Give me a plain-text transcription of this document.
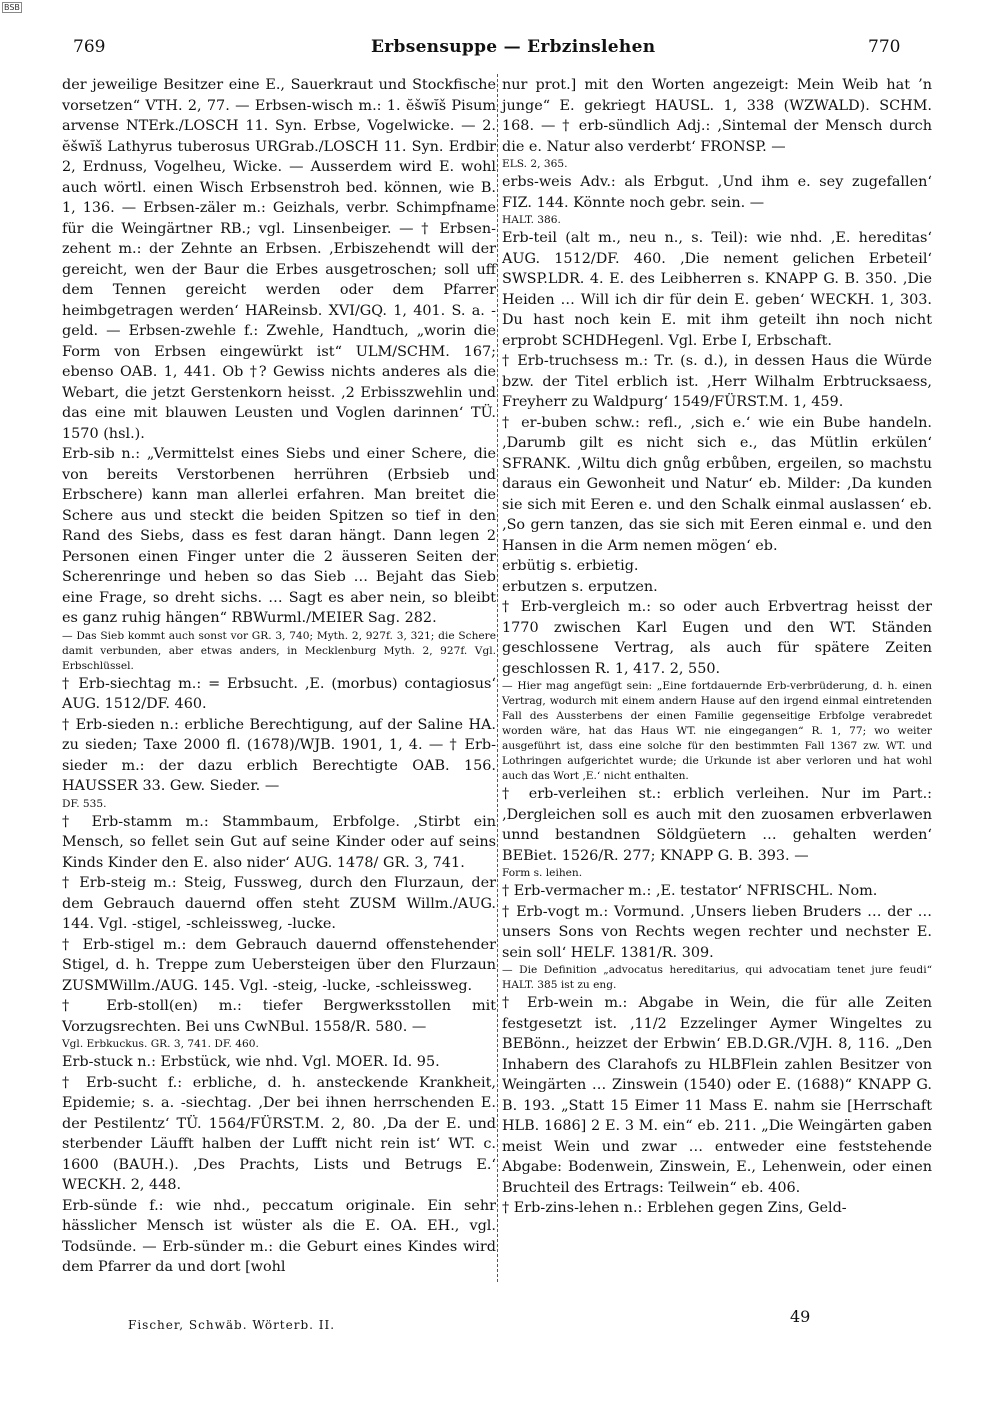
BSB
769	Erbsensuppe — Erbzinslehen	770

der jeweilige Besitzer eine E., Sauerkraut und Stockfische vorsetzen“ VTH. 2, 77. — Erbsen-wisch m.: 1. ĕšwĭš Pisum arvense NTErk./LOSCH 11. Syn. Erbse, Vogelwicke. — 2. ĕšwĭš Lathyrus tuberosus URGrab./LOSCH 11. Syn. Erdbir 2, Erdnuss, Vogelheu, Wicke. — Ausserdem wird E. wohl auch wörtl. einen Wisch Erbsenstroh bed. können, wie B. 1, 136. — Erbsen-zäler m.: Geizhals, verbr. Schimpfname für die Weingärtner RB.; vgl. Linsenbeiger. — † Erbsen-zehent m.: der Zehnte an Erbsen. ‚Erbiszehendt will der gereicht, wen der Baur die Erbes ausgetroschen; soll uff dem Tennen gereicht werden oder dem Pfarrer heimbgetragen werden‘ HAReinsb. XVI/GQ. 1, 401. S. a. -geld. — Erbsen-zwehle f.: Zwehle, Handtuch, „worin die Form von Erbsen eingewürkt ist“ ULM/SCHM. 167; ebenso OAB. 1, 441. Ob †? Gewiss nichts anderes als die Webart, die jetzt Gerstenkorn heisst. ‚2 Erbisszwehlin und das eine mit blauwen Leusten und Voglen darinnen‘ TÜ. 1570 (hsl.).

Erb-sib n.: „Vermittelst eines Siebs und einer Schere, die von bereits Verstorbenen herrühren (Erbsieb und Erbschere) kann man allerlei erfahren. Man breitet die Schere aus und steckt die beiden Spitzen so tief in den Rand des Siebs, dass es fest daran hängt. Dann legen 2 Personen einen Finger unter die 2 äusseren Seiten der Scherenringe und heben so das Sieb … Bejaht das Sieb eine Frage, so dreht sichs. … Sagt es aber nein, so bleibt es ganz ruhig hängen“ RBWurml./MEIER Sag. 282.

— Das Sieb kommt auch sonst vor GR. 3, 740; Myth. 2, 927f. 3, 321; die Schere damit verbunden, aber etwas anders, in Mecklenburg Myth. 2, 927f. Vgl. Erbschlüssel.

† Erb-siechtag m.: = Erbsucht. ‚E. (morbus) contagiosus‘ AUG. 1512/DF. 460.

† Erb-sieden n.: erbliche Berechtigung, auf der Saline HA. zu sieden; Taxe 2000 fl. (1678)/WJB. 1901, 1, 4. — † Erb-sieder m.: der dazu erblich Berechtigte OAB. 156. HAUSSER 33. Gew. Sieder. —

DF. 535.

† Erb-stamm m.: Stammbaum, Erbfolge. ‚Stirbt ein Mensch, so fellet sein Gut auf seine Kinder oder auf seins Kinds Kinder den E. also nider‘ AUG. 1478/ GR. 3, 741.

† Erb-steig m.: Steig, Fussweg, durch den Flurzaun, der dem Gebrauch dauernd offen steht ZUSM Willm./AUG. 144. Vgl. -stigel, -schleissweg, -lucke.

† Erb-stigel m.: dem Gebrauch dauernd offenstehender Stigel, d. h. Treppe zum Uebersteigen über den Flurzaun ZUSMWillm./AUG. 145. Vgl. -steig, -lucke, -schleissweg.

† Erb-stoll(en) m.: tiefer Bergwerksstollen mit Vorzugsrechten. Bei uns CwNBul. 1558/R. 580. —

Vgl. Erbkuckus. GR. 3, 741. DF. 460.

Erb-stuck n.: Erbstück, wie nhd. Vgl. MOER. Id. 95.

† Erb-sucht f.: erbliche, d. h. ansteckende Krankheit, Epidemie; s. a. -siechtag. ‚Der bei ihnen herrschenden E. der Pestilentz‘ TÜ. 1564/FÜRST.M. 2, 80. ‚Da der E. und sterbender Läufft halben der Lufft nicht rein ist‘ WT. c. 1600 (BAUH.). ‚Des Prachts, Lists und Betrugs E.‘ WECKH. 2, 448.

Erb-sünde f.: wie nhd., peccatum originale. Ein sehr hässlicher Mensch ist wüster als die E. OA. EH., vgl. Todsünde. — Erb-sünder m.: die Geburt eines Kindes wird dem Pfarrer da und dort [wohl

nur prot.] mit den Worten angezeigt: Mein Weib hat ’n junge“ E. gekriegt HAUSL. 1, 338 (WZWALD). SCHM. 168. — † erb-sündlich Adj.: ‚Sintemal der Mensch durch die e. Natur also verderbt‘ FRONSP. —

ELS. 2, 365.

erbs-weis Adv.: als Erbgut. ‚Und ihm e. sey zugefallen‘ FIZ. 144. Könnte noch gebr. sein. —

HALT. 386.

Erb-teil (alt m., neu n., s. Teil): wie nhd. ‚E. hereditas‘ AUG. 1512/DF. 460. ‚Die nement gelichen Erbeteil‘ SWSP.LDR. 4. E. des Leibherren s. KNAPP G. B. 350. ‚Die Heiden … Will ich dir für dein E. geben‘ WECKH. 1, 303. Du hast noch kein E. mit ihm geteilt ihn noch nicht erprobt SCHDHegenl. Vgl. Erbe I, Erbschaft.

† Erb-truchsess m.: Tr. (s. d.), in dessen Haus die Würde bzw. der Titel erblich ist. ‚Herr Wilhalm Erbtrucksaess, Freyherr zu Waldpurg‘ 1549/FÜRST.M. 1, 459.

† er-buben schw.: refl., ‚sich e.‘ wie ein Bube handeln. ‚Darumb gilt es nicht sich e., das Mütlin erkülen‘ SFRANK. ‚Wiltu dich gnůg erbůben, ergeilen, so machstu daraus ein Gewonheit und Natur‘ eb. Milder: ‚Da kunden sie sich mit Eeren e. und den Schalk einmal auslassen‘ eb. ‚So gern tanzen, das sie sich mit Eeren einmal e. und den Hansen in die Arm nemen mögen‘ eb.

erbütig s. erbietig.

erbutzen s. erputzen.

† Erb-vergleich m.: so oder auch Erbvertrag heisst der 1770 zwischen Karl Eugen und den WT. Ständen geschlossene Vertrag, als auch für spätere Zeiten geschlossen R. 1, 417. 2, 550.

— Hier mag angefügt sein: „Eine fortdauernde Erb-verbrüderung, d. h. einen Vertrag, wodurch mit einem andern Hause auf den irgend einmal eintretenden Fall des Aussterbens der einen Familie gegenseitige Erbfolge verabredet worden wäre, hat das Haus WT. nie eingegangen“ R. 1, 77; wo weiter ausgeführt ist, dass eine solche für den bestimmten Fall 1367 zw. WT. und Lothringen aufgerichtet wurde; die Urkunde ist aber verloren und hat wohl auch das Wort ‚E.‘ nicht enthalten.

† erb-verleihen st.: erblich verleihen. Nur im Part.: ‚Dergleichen soll es auch mit den zuosamen erbverlawen unnd bestandnen Söldgüetern … gehalten werden‘ BEBiet. 1526/R. 277; KNAPP G. B. 393. —

Form s. leihen.

† Erb-vermacher m.: ‚E. testator‘ NFRISCHL. Nom.

† Erb-vogt m.: Vormund. ‚Unsers lieben Bruders … der … unsers Sons von Rechts wegen rechter und nechster E. sein soll‘ HELF. 1381/R. 309.

— Die Definition „advocatus hereditarius, qui advocatiam tenet jure feudi“ HALT. 385 ist zu eng.

† Erb-wein m.: Abgabe in Wein, die für alle Zeiten festgesetzt ist. ‚11/2 Ezzelinger Aymer Wingeltes zu BEBönn., heizzet der Erbwin‘ EB.D.GR./VJH. 8, 116. „Den Inhabern des Clarahofs zu HLBFlein zahlen Besitzer von Weingärten … Zinswein (1540) oder E. (1688)“ KNAPP G. B. 193. „Statt 15 Eimer 11 Mass E. nahm sie [Herrschaft HLB. 1686] 2 E. 3 M. ein“ eb. 211. „Die Weingärten gaben meist Wein und zwar … entweder eine feststehende Abgabe: Bodenwein, Zinswein, E., Lehenwein, oder einen Bruchteil des Ertrags: Teilwein“ eb. 406.

† Erb-zins-lehen n.: Erblehen gegen Zins, Geld-

Fischer, Schwäb. Wörterb. II.	49
